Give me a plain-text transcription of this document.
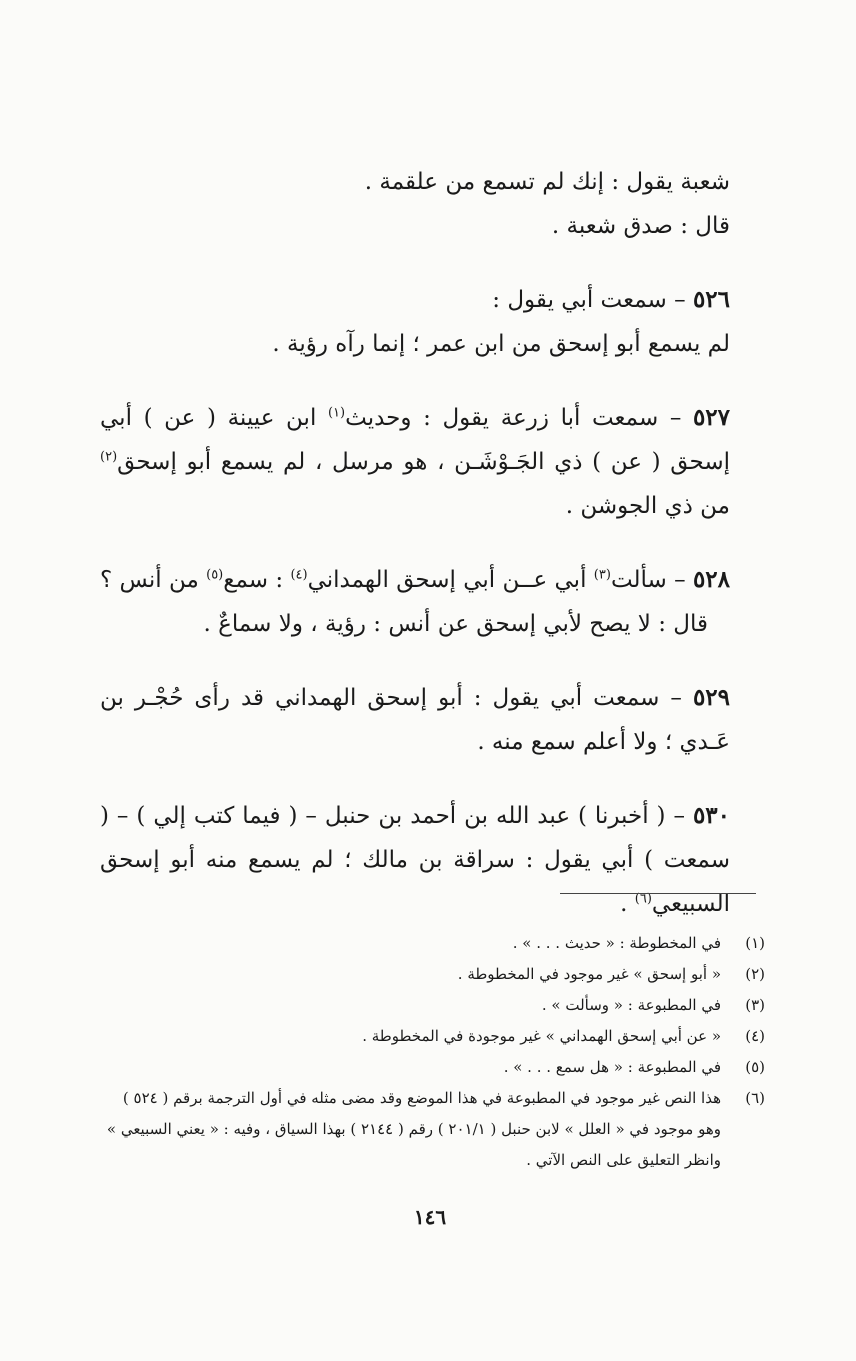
شعبة يقول : إنك لم تسمع من علقمة .
قال : صدق شعبة .
٥٢٦ – سمعت أبي يقول :
لم يسمع أبو إسحق من ابن عمر ؛ إنما رآه رؤية .
٥٢٧ – سمعت أبا زرعة يقول : وحديث$^{(١)}$ ابن عيينة ( عن ) أبي إسحق ( عن ) ذي الجَـوْشَـن ، هو مرسل ، لم يسمع أبو إسحق$^{(٢)}$ من ذي الجوشن .
٥٢٨ – سألت$^{(٣)}$ أبي عــن أبي إسحق الهمداني$^{(٤)}$ : سمع$^{(٥)}$ من أنس ؟
قال : لا يصح لأبي إسحق عن أنس : رؤية ، ولا سماعٌ .
٥٢٩ – سمعت أبي يقول : أبو إسحق الهمداني قد رأى حُجْـر بن عَـدي ؛ ولا أعلم سمع منه .
٥٣٠ – ( أخبرنا ) عبد الله بن أحمد بن حنبل – ( فيما كتب إلي ) – ( سمعت ) أبي يقول : سراقة بن مالك ؛ لم يسمع منه أبو إسحق السبيعي$^{(٦)}$ .
(١)
في المخطوطة : « حديث . . . » .
(٢)
« أبو إسحق » غير موجود في المخطوطة .
(٣)
في المطبوعة : « وسألت » .
(٤)
« عن أبي إسحق الهمداني » غير موجودة في المخطوطة .
(٥)
في المطبوعة : « هل سمع . . . » .
(٦)
هذا النص غير موجود في المطبوعة في هذا الموضع وقد مضى مثله في أول الترجمة برقم ( ٥٢٤ ) وهو موجود في « العلل » لابن حنبل ( ٢٠١/١ ) رقم ( ٢١٤٤ ) بهذا السياق ، وفيه : « يعني السبيعي » وانظر التعليق على النص الآتي .
١٤٦
